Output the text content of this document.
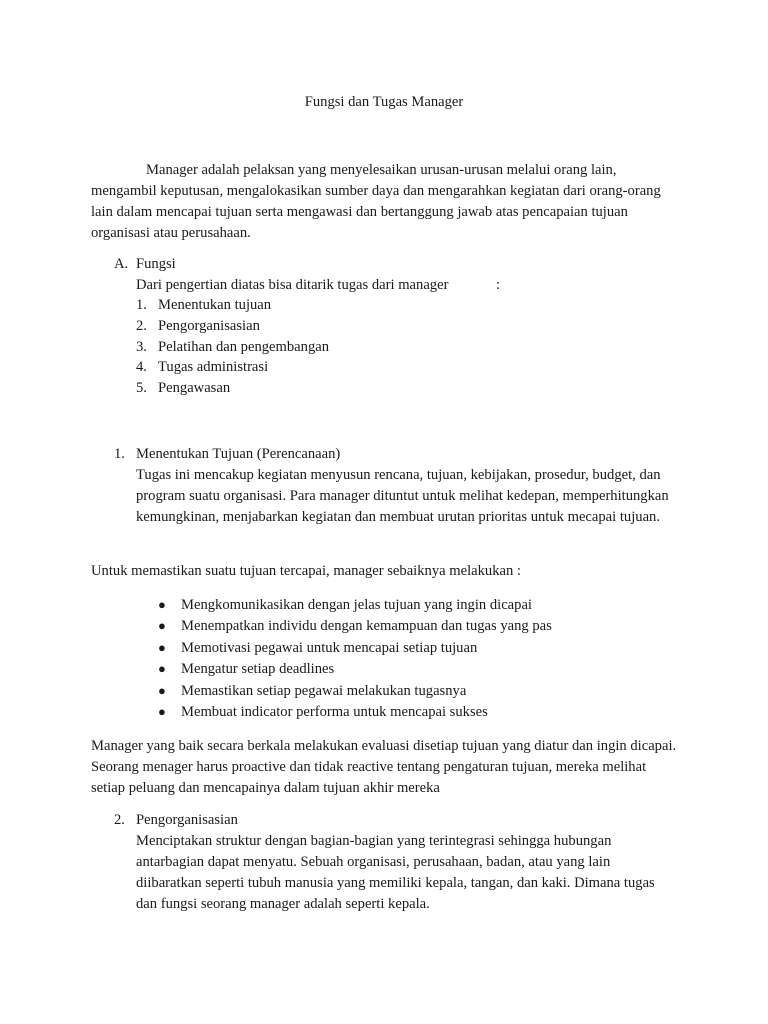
Fungsi dan Tugas Manager

Manager adalah pelaksan yang menyelesaikan urusan-urusan melalui orang lain, mengambil keputusan, mengalokasikan sumber daya dan mengarahkan kegiatan dari orang-orang lain dalam mencapai tujuan serta mengawasi dan bertanggung jawab atas pencapaian tujuan organisasi atau perusahaan.

A. Fungsi
Dari pengertian diatas bisa ditarik tugas dari manager	:
1. Menentukan tujuan
2. Pengorganisasian
3. Pelatihan dan pengembangan
4. Tugas administrasi
5. Pengawasan
1. Menentukan Tujuan (Perencanaan)

Tugas ini mencakup kegiatan menyusun rencana, tujuan, kebijakan, prosedur, budget, dan program suatu organisasi. Para manager dituntut untuk melihat kedepan, memperhitungkan kemungkinan, menjabarkan kegiatan dan membuat urutan prioritas untuk mecapai tujuan.

Untuk memastikan suatu tujuan tercapai, manager sebaiknya melakukan :
● Mengkomunikasikan dengan jelas tujuan yang ingin dicapai
● Menempatkan individu dengan kemampuan dan tugas yang pas
● Memotivasi pegawai untuk mencapai setiap tujuan
● Mengatur setiap deadlines
● Memastikan setiap pegawai melakukan tugasnya
● Membuat indicator performa untuk mencapai sukses

Manager yang baik secara berkala melakukan evaluasi disetiap tujuan yang diatur dan ingin dicapai. Seorang menager harus proactive dan tidak reactive tentang pengaturan tujuan, mereka melihat setiap peluang dan mencapainya dalam tujuan akhir mereka

2. Pengorganisasian

Menciptakan struktur dengan bagian-bagian yang terintegrasi sehingga hubungan antarbagian dapat menyatu. Sebuah organisasi, perusahaan, badan, atau yang lain diibaratkan seperti tubuh manusia yang memiliki kepala, tangan, dan kaki. Dimana tugas dan fungsi seorang manager adalah seperti kepala.
